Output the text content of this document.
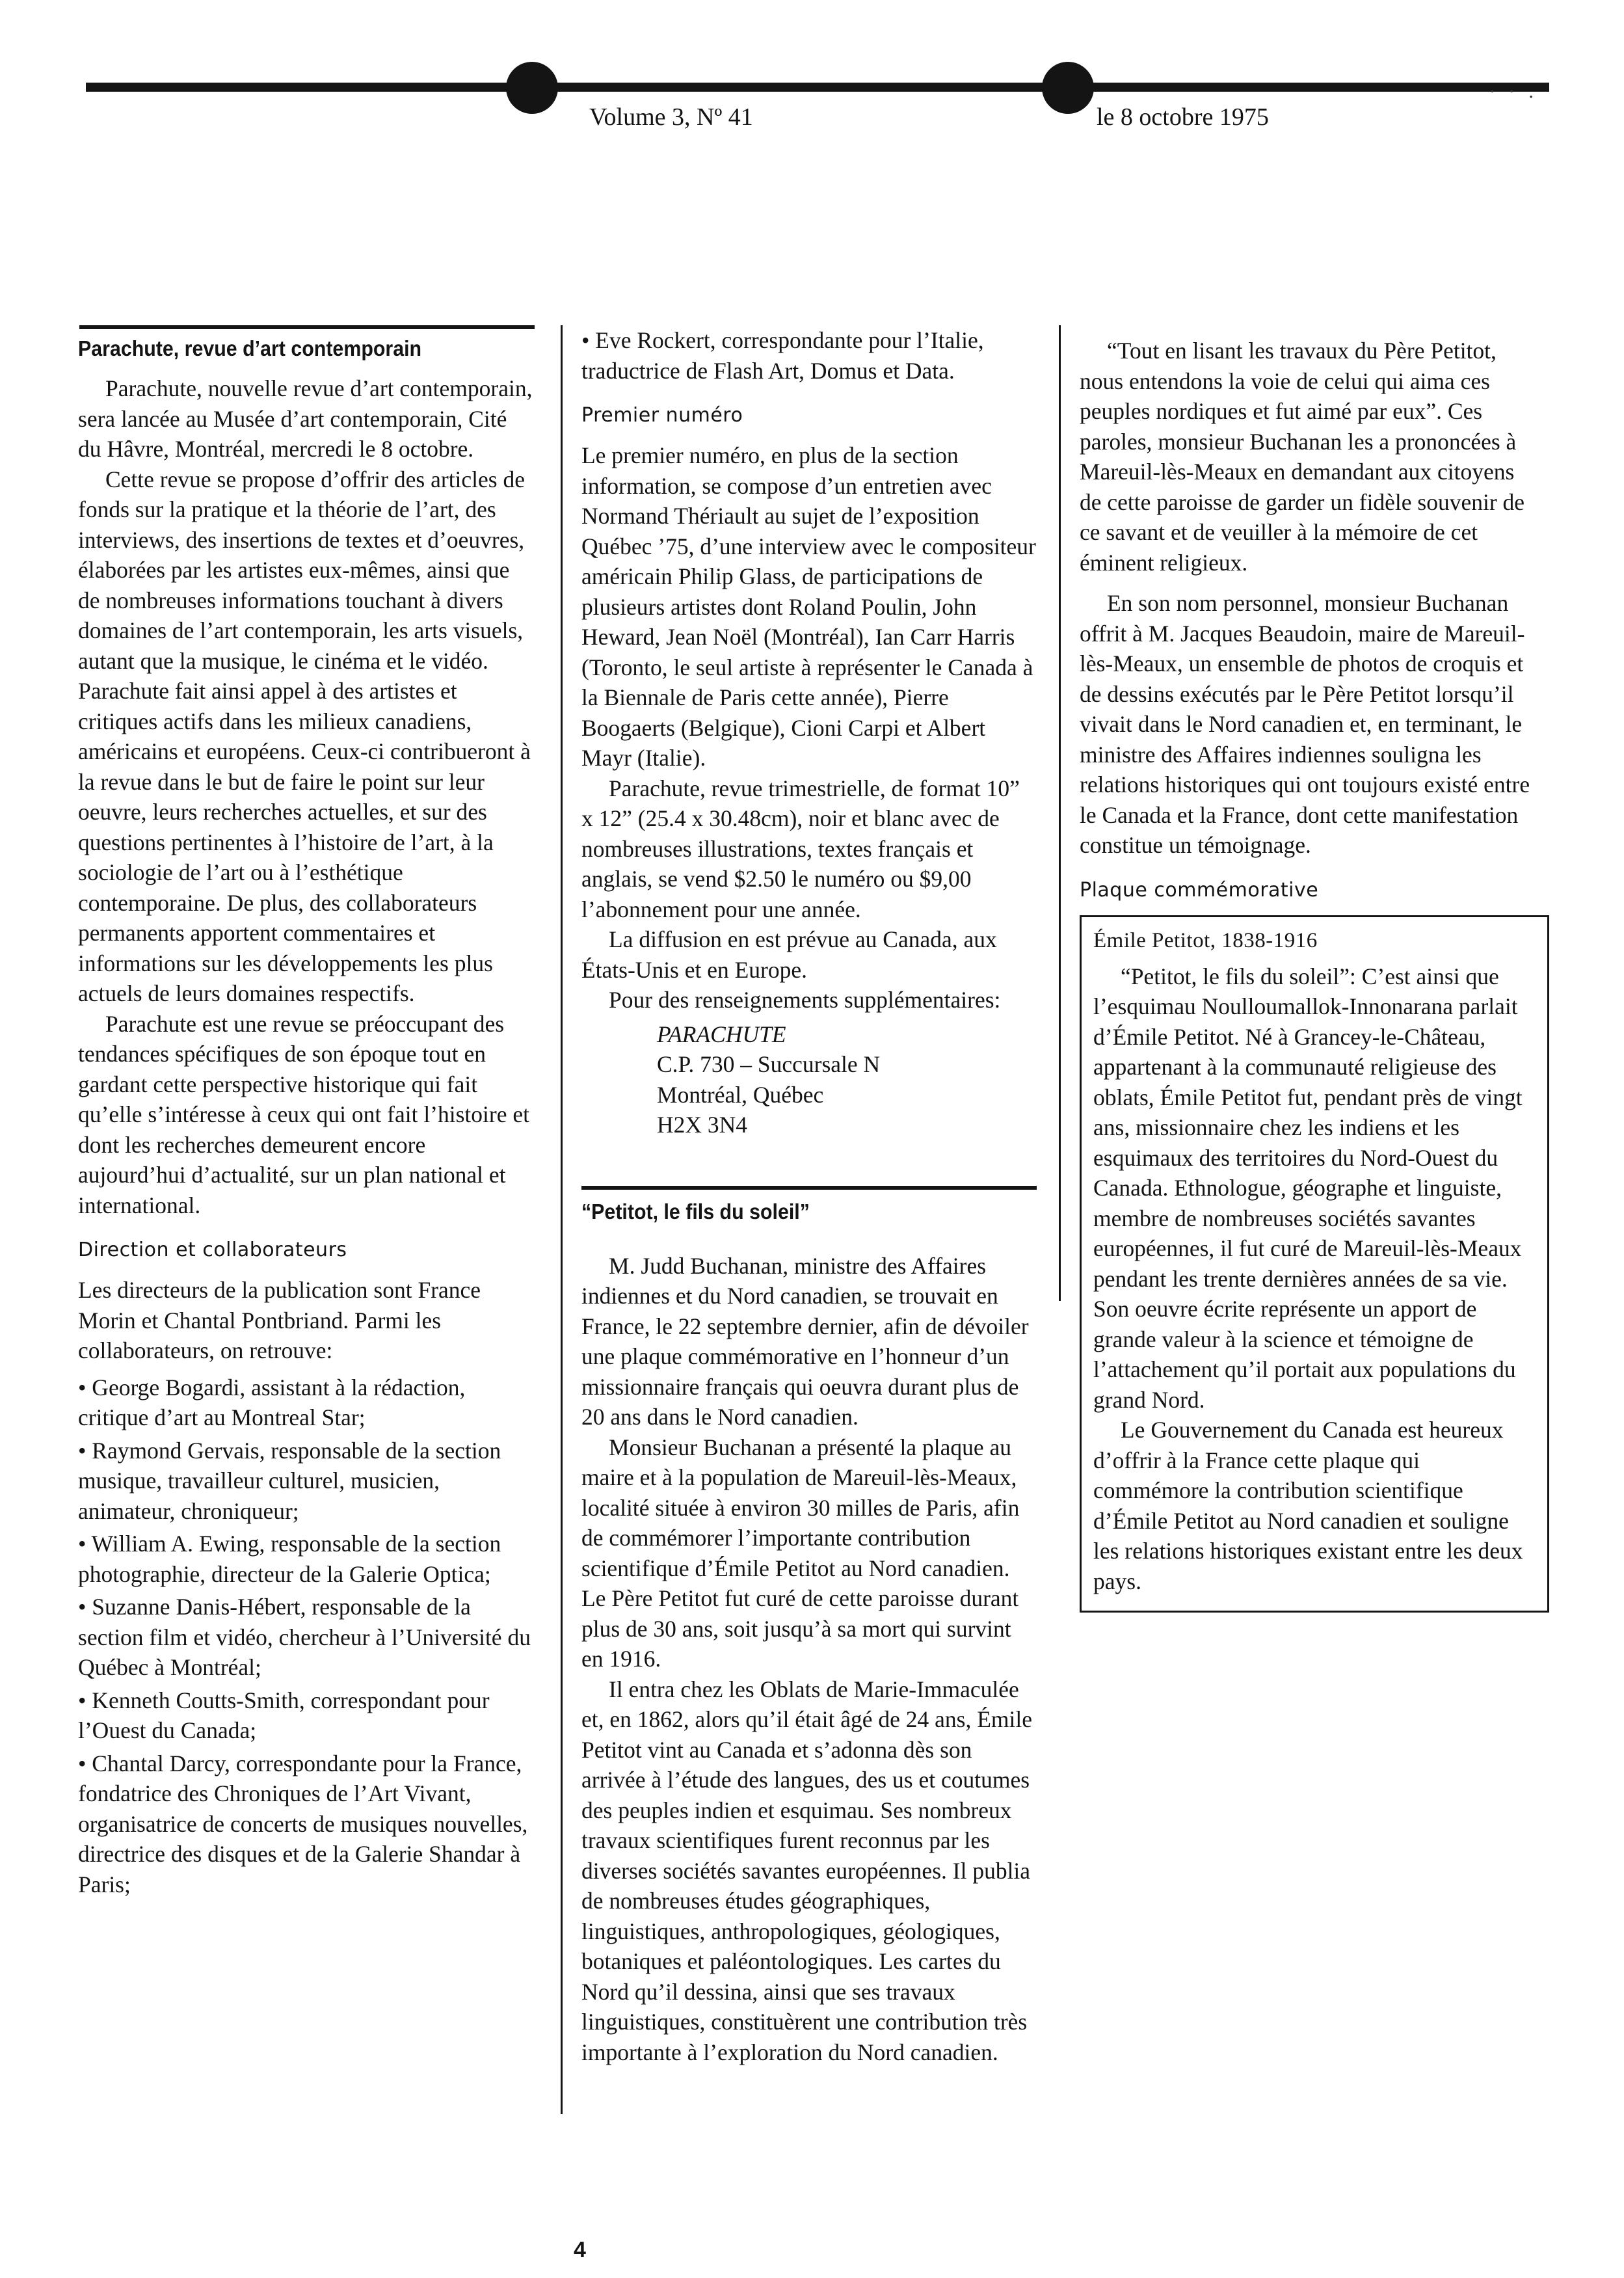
· · .
Volume 3, Nº 41	le 8 octobre 1975
Parachute, revue d’art contemporain

Parachute, nouvelle revue d’art contemporain, sera lancée au Musée d’art contemporain, Cité du Hâvre, Montréal, mercredi le 8 octobre.

Cette revue se propose d’offrir des articles de fonds sur la pratique et la théorie de l’art, des interviews, des insertions de textes et d’oeuvres, élaborées par les artistes eux-mêmes, ainsi que de nombreuses informations touchant à divers domaines de l’art contemporain, les arts visuels, autant que la musique, le cinéma et le vidéo. Parachute fait ainsi appel à des artistes et critiques actifs dans les milieux canadiens, américains et européens. Ceux-ci contribueront à la revue dans le but de faire le point sur leur oeuvre, leurs recherches actuelles, et sur des questions pertinentes à l’histoire de l’art, à la sociologie de l’art ou à l’esthétique contemporaine. De plus, des collaborateurs permanents apportent commentaires et informations sur les développements les plus actuels de leurs domaines respectifs.

Parachute est une revue se préoccupant des tendances spécifiques de son époque tout en gardant cette perspective historique qui fait qu’elle s’intéresse à ceux qui ont fait l’histoire et dont les recherches demeurent encore aujourd’hui d’actualité, sur un plan national et international.

Direction et collaborateurs

Les directeurs de la publication sont France Morin et Chantal Pontbriand. Parmi les collaborateurs, on retrouve:

• George Bogardi, assistant à la rédaction, critique d’art au Montreal Star;

• Raymond Gervais, responsable de la section musique, travailleur culturel, musicien, animateur, chroniqueur;

• William A. Ewing, responsable de la section photographie, directeur de la Galerie Optica;

• Suzanne Danis-Hébert, responsable de la section film et vidéo, chercheur à l’Université du Québec à Montréal;

• Kenneth Coutts-Smith, correspondant pour l’Ouest du Canada;

• Chantal Darcy, correspondante pour la France, fondatrice des Chroniques de l’Art Vivant, organisatrice de concerts de musiques nouvelles, directrice des disques et de la Galerie Shandar à Paris;

• Eve Rockert, correspondante pour l’Italie, traductrice de Flash Art, Domus et Data.

Premier numéro

Le premier numéro, en plus de la section information, se compose d’un entretien avec Normand Thériault au sujet de l’exposition Québec ’75, d’une interview avec le compositeur américain Philip Glass, de participations de plusieurs artistes dont Roland Poulin, John Heward, Jean Noël (Montréal), Ian Carr Harris (Toronto, le seul artiste à représenter le Canada à la Biennale de Paris cette année), Pierre Boogaerts (Belgique), Cioni Carpi et Albert Mayr (Italie).

Parachute, revue trimestrielle, de format 10” x 12” (25.4 x 30.48cm), noir et blanc avec de nombreuses illustrations, textes français et anglais, se vend $2.50 le numéro ou $9,00 l’abonnement pour une année.

La diffusion en est prévue au Canada, aux États-Unis et en Europe.

Pour des renseignements supplémentaires:

PARACHUTE
C.P. 730 – Succursale N
Montréal, Québec
H2X 3N4
“Petitot, le fils du soleil”

M. Judd Buchanan, ministre des Affaires indiennes et du Nord canadien, se trouvait en France, le 22 septembre dernier, afin de dévoiler une plaque commémorative en l’honneur d’un missionnaire français qui oeuvra durant plus de 20 ans dans le Nord canadien.

Monsieur Buchanan a présenté la plaque au maire et à la population de Mareuil-lès-Meaux, localité située à environ 30 milles de Paris, afin de commémorer l’importante contribution scientifique d’Émile Petitot au Nord canadien. Le Père Petitot fut curé de cette paroisse durant plus de 30 ans, soit jusqu’à sa mort qui survint en 1916.

Il entra chez les Oblats de Marie-Immaculée et, en 1862, alors qu’il était âgé de 24 ans, Émile Petitot vint au Canada et s’adonna dès son arrivée à l’étude des langues, des us et coutumes des peuples indien et esquimau. Ses nombreux travaux scientifiques furent reconnus par les diverses sociétés savantes européennes. Il publia de nombreuses études géographiques, linguistiques, anthropologiques, géologiques, botaniques et paléontologiques. Les cartes du Nord qu’il dessina, ainsi que ses travaux linguistiques, constituèrent une contribution très importante à l’exploration du Nord canadien.

“Tout en lisant les travaux du Père Petitot, nous entendons la voie de celui qui aima ces peuples nordiques et fut aimé par eux”. Ces paroles, monsieur Buchanan les a prononcées à Mareuil-lès-Meaux en demandant aux citoyens de cette paroisse de garder un fidèle souvenir de ce savant et de veuiller à la mémoire de cet éminent religieux.

En son nom personnel, monsieur Buchanan offrit à M. Jacques Beaudoin, maire de Mareuil-lès-Meaux, un ensemble de photos de croquis et de dessins exécutés par le Père Petitot lorsqu’il vivait dans le Nord canadien et, en terminant, le ministre des Affaires indiennes souligna les relations historiques qui ont toujours existé entre le Canada et la France, dont cette manifestation constitue un témoignage.

Plaque commémorative
Émile Petitot, 1838-1916

“Petitot, le fils du soleil”: C’est ainsi que l’esquimau Noulloumallok-Innonarana parlait d’Émile Petitot. Né à Grancey-le-Château, appartenant à la communauté religieuse des oblats, Émile Petitot fut, pendant près de vingt ans, missionnaire chez les indiens et les esquimaux des territoires du Nord-Ouest du Canada. Ethnologue, géographe et linguiste, membre de nombreuses sociétés savantes européennes, il fut curé de Mareuil-lès-Meaux pendant les trente dernières années de sa vie. Son oeuvre écrite représente un apport de grande valeur à la science et témoigne de l’attachement qu’il portait aux populations du grand Nord.

Le Gouvernement du Canada est heureux d’offrir à la France cette plaque qui commémore la contribution scientifique d’Émile Petitot au Nord canadien et souligne les relations historiques existant entre les deux pays.

4
